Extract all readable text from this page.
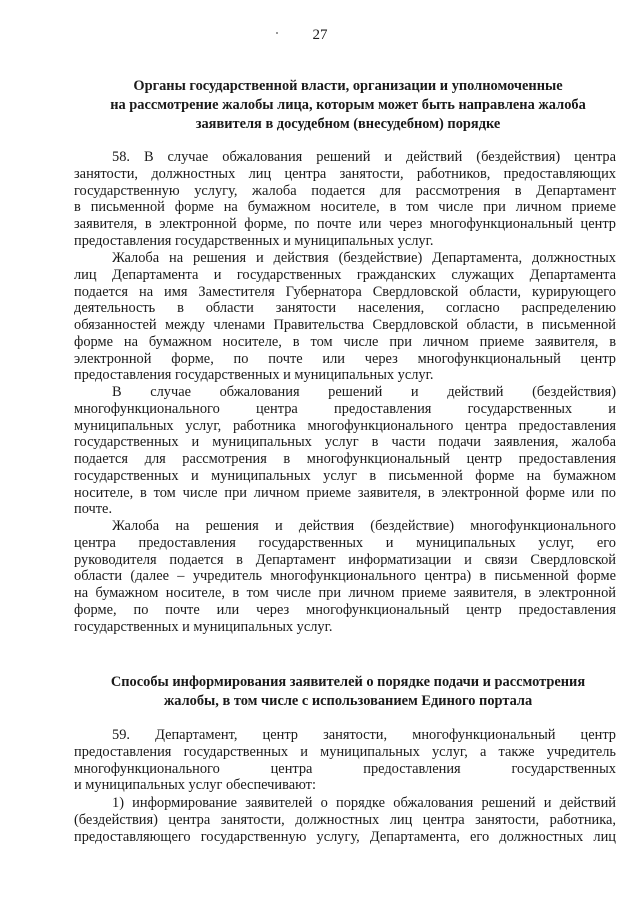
27
Органы государственной власти, организации и уполномоченные
на рассмотрение жалобы лица, которым может быть направлена жалоба
заявителя в досудебном (внесудебном) порядке
58. В случае обжалования решений и действий (бездействия) центра
занятости, должностных лиц центра занятости, работников, предоставляющих
государственную услугу, жалоба подается для рассмотрения в Департамент
в письменной форме на бумажном носителе, в том числе при личном приеме
заявителя, в электронной форме, по почте или через многофункциональный центр
предоставления государственных и муниципальных услуг.
Жалоба на решения и действия (бездействие) Департамента, должностных
лиц Департамента и государственных гражданских служащих Департамента
подается на имя Заместителя Губернатора Свердловской области, курирующего
деятельность в области занятости населения, согласно распределению
обязанностей между членами Правительства Свердловской области, в письменной
форме на бумажном носителе, в том числе при личном приеме заявителя, в
электронной форме, по почте или через многофункциональный центр
предоставления государственных и муниципальных услуг.
В случае обжалования решений и действий (бездействия)
многофункционального центра предоставления государственных и
муниципальных услуг, работника многофункционального центра предоставления
государственных и муниципальных услуг в части подачи заявления, жалоба
подается для рассмотрения в многофункциональный центр предоставления
государственных и муниципальных услуг в письменной форме на бумажном
носителе, в том числе при личном приеме заявителя, в электронной форме или по
почте.
Жалоба на решения и действия (бездействие) многофункционального
центра предоставления государственных и муниципальных услуг, его
руководителя подается в Департамент информатизации и связи Свердловской
области (далее – учредитель многофункционального центра) в письменной форме
на бумажном носителе, в том числе при личном приеме заявителя, в электронной
форме, по почте или через многофункциональный центр предоставления
государственных и муниципальных услуг.
Способы информирования заявителей о порядке подачи и рассмотрения
жалобы, в том числе с использованием Единого портала
59. Департамент, центр занятости, многофункциональный центр
предоставления государственных и муниципальных услуг, а также учредитель
многофункционального центра предоставления государственных
и муниципальных услуг обеспечивают:
1) информирование заявителей о порядке обжалования решений и действий
(бездействия) центра занятости, должностных лиц центра занятости, работника,
предоставляющего государственную услугу, Департамента, его должностных лиц
